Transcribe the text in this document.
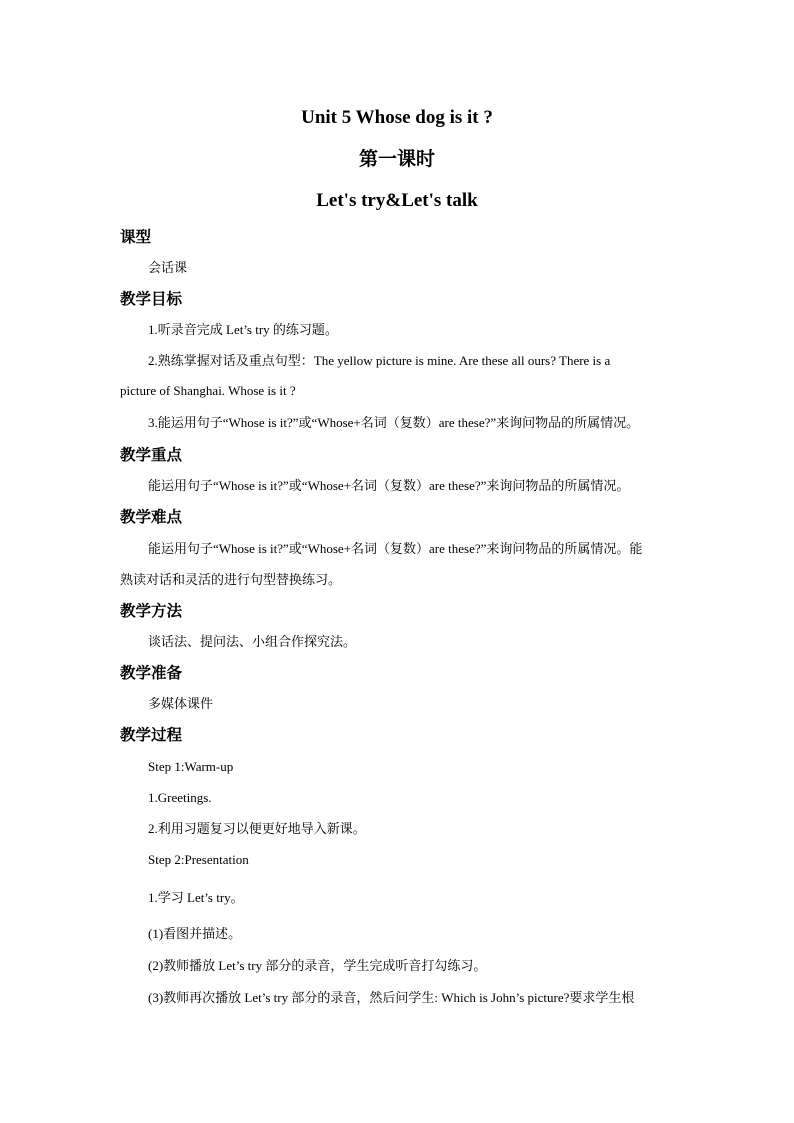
Unit 5 Whose dog is it ?
第一课时
Let's try&Let's talk
课型
会话课
教学目标
1.听录音完成 Let’s try 的练习题。
2.熟练掌握对话及重点句型：The yellow picture is mine. Are these all ours? There is a
picture of Shanghai. Whose is it ?
3.能运用句子“Whose is it?”或“Whose+名词（复数）are these?”来询问物品的所属情况。
教学重点
能运用句子“Whose is it?”或“Whose+名词（复数）are these?”来询问物品的所属情况。
教学难点
能运用句子“Whose is it?”或“Whose+名词（复数）are these?”来询问物品的所属情况。能
熟读对话和灵活的进行句型替换练习。
教学方法
谈话法、提问法、小组合作探究法。
教学准备
多媒体课件
教学过程
Step 1:Warm-up
1.Greetings.
2.利用习题复习以便更好地导入新课。
Step 2:Presentation
1.学习 Let’s try。
(1)看图并描述。
(2)教师播放 Let’s try 部分的录音，学生完成听音打勾练习。
(3)教师再次播放 Let’s try 部分的录音，然后问学生: Which is John’s picture?要求学生根
